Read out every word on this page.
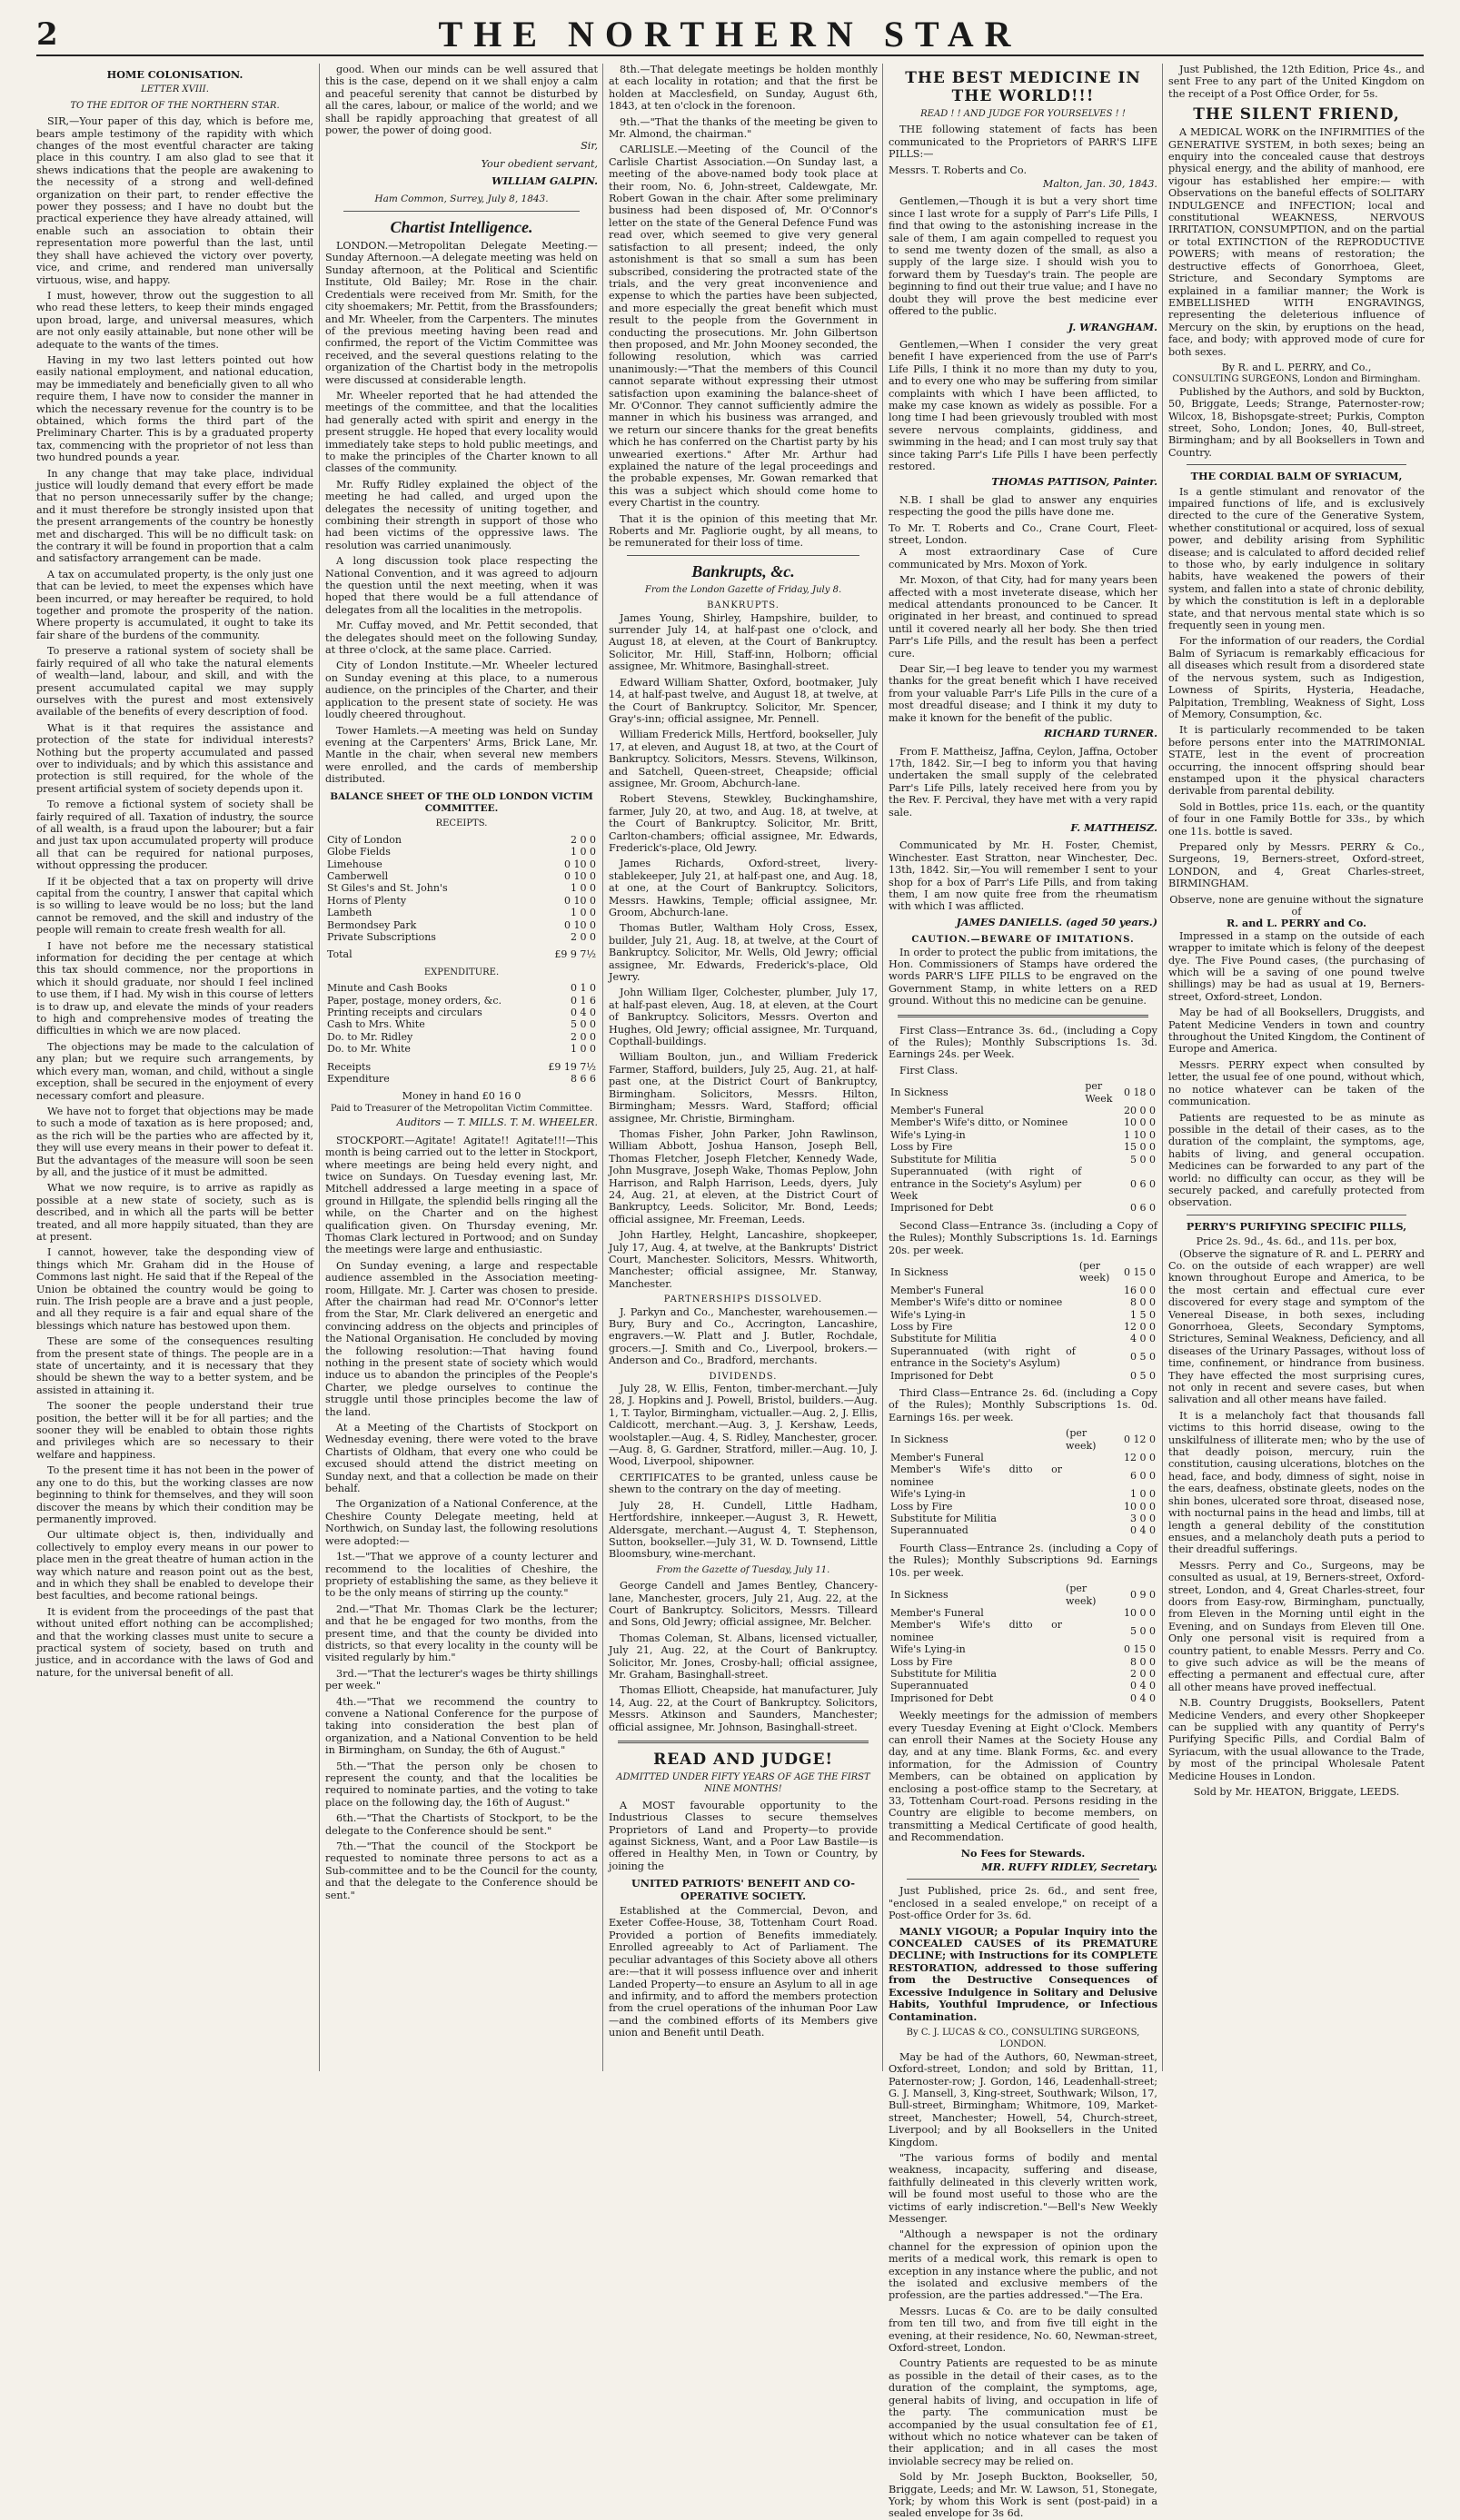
2	THE NORTHERN STAR
HOME COLONISATION.
LETTER XVIII.
TO THE EDITOR OF THE NORTHERN STAR.

SIR,—Your paper of this day, which is before me, bears ample testimony of the rapidity with which changes of the most eventful character are taking place in this country. I am also glad to see that it shews indications that the people are awakening to the necessity of a strong and well-defined organization on their part, to render effective the power they possess; and I have no doubt but the practical experience they have already attained, will enable such an association to obtain their representation more powerful than the last, until they shall have achieved the victory over poverty, vice, and crime, and rendered man universally virtuous, wise, and happy.

I must, however, throw out the suggestion to all who read these letters, to keep their minds engaged upon broad, large, and universal measures, which are not only easily attainable, but none other will be adequate to the wants of the times.

Having in my two last letters pointed out how easily national employment, and national education, may be immediately and beneficially given to all who require them, I have now to consider the manner in which the necessary revenue for the country is to be obtained, which forms the third part of the Preliminary Charter. This is by a graduated property tax, commencing with the proprietor of not less than two hundred pounds a year.

In any change that may take place, individual justice will loudly demand that every effort be made that no person unnecessarily suffer by the change; and it must therefore be strongly insisted upon that the present arrangements of the country be honestly met and discharged. This will be no difficult task: on the contrary it will be found in proportion that a calm and satisfactory arrangement can be made.

A tax on accumulated property, is the only just one that can be levied, to meet the expenses which have been incurred, or may hereafter be required, to hold together and promote the prosperity of the nation. Where property is accumulated, it ought to take its fair share of the burdens of the community.

To preserve a rational system of society shall be fairly required of all who take the natural elements of wealth—land, labour, and skill, and with the present accumulated capital we may supply ourselves with the purest and most extensively available of the benefits of every description of food.

What is it that requires the assistance and protection of the state for individual interests? Nothing but the property accumulated and passed over to individuals; and by which this assistance and protection is still required, for the whole of the present artificial system of society depends upon it.

To remove a fictional system of society shall be fairly required of all. Taxation of industry, the source of all wealth, is a fraud upon the labourer; but a fair and just tax upon accumulated property will produce all that can be required for national purposes, without oppressing the producer.

If it be objected that a tax on property will drive capital from the country, I answer that capital which is so willing to leave would be no loss; but the land cannot be removed, and the skill and industry of the people will remain to create fresh wealth for all.

I have not before me the necessary statistical information for deciding the per centage at which this tax should commence, nor the proportions in which it should graduate, nor should I feel inclined to use them, if I had. My wish in this course of letters is to draw up, and elevate the minds of your readers to high and comprehensive modes of treating the difficulties in which we are now placed.

The objections may be made to the calculation of any plan; but we require such arrangements, by which every man, woman, and child, without a single exception, shall be secured in the enjoyment of every necessary comfort and pleasure.

We have not to forget that objections may be made to such a mode of taxation as is here proposed; and, as the rich will be the parties who are affected by it, they will use every means in their power to defeat it. But the advantages of the measure will soon be seen by all, and the justice of it must be admitted.

What we now require, is to arrive as rapidly as possible at a new state of society, such as is described, and in which all the parts will be better treated, and all more happily situated, than they are at present.

I cannot, however, take the desponding view of things which Mr. Graham did in the House of Commons last night. He said that if the Repeal of the Union be obtained the country would be going to ruin. The Irish people are a brave and a just people, and all they require is a fair and equal share of the blessings which nature has bestowed upon them.

These are some of the consequences resulting from the present state of things. The people are in a state of uncertainty, and it is necessary that they should be shewn the way to a better system, and be assisted in attaining it.

The sooner the people understand their true position, the better will it be for all parties; and the sooner they will be enabled to obtain those rights and privileges which are so necessary to their welfare and happiness.

To the present time it has not been in the power of any one to do this, but the working classes are now beginning to think for themselves, and they will soon discover the means by which their condition may be permanently improved.

Our ultimate object is, then, individually and collectively to employ every means in our power to place men in the great theatre of human action in the way which nature and reason point out as the best, and in which they shall be enabled to develope their best faculties, and become rational beings.

It is evident from the proceedings of the past that without united effort nothing can be accomplished; and that the working classes must unite to secure a practical system of society, based on truth and justice, and in accordance with the laws of God and nature, for the universal benefit of all.

good. When our minds can be well assured that this is the case, depend on it we shall enjoy a calm and peaceful serenity that cannot be disturbed by all the cares, labour, or malice of the world; and we shall be rapidly approaching that greatest of all power, the power of doing good.

Sir,
Your obedient servant,
WILLIAM GALPIN.
Ham Common, Surrey, July 8, 1843.
Chartist Intelligence.

LONDON.—Metropolitan Delegate Meeting.—Sunday Afternoon.—A delegate meeting was held on Sunday afternoon, at the Political and Scientific Institute, Old Bailey; Mr. Rose in the chair. Credentials were received from Mr. Smith, for the city shoemakers; Mr. Pettit, from the Brassfounders; and Mr. Wheeler, from the Carpenters. The minutes of the previous meeting having been read and confirmed, the report of the Victim Committee was received, and the several questions relating to the organization of the Chartist body in the metropolis were discussed at considerable length.

Mr. Wheeler reported that he had attended the meetings of the committee, and that the localities had generally acted with spirit and energy in the present struggle. He hoped that every locality would immediately take steps to hold public meetings, and to make the principles of the Charter known to all classes of the community.

Mr. Ruffy Ridley explained the object of the meeting he had called, and urged upon the delegates the necessity of uniting together, and combining their strength in support of those who had been victims of the oppressive laws. The resolution was carried unanimously.

A long discussion took place respecting the National Convention, and it was agreed to adjourn the question until the next meeting, when it was hoped that there would be a full attendance of delegates from all the localities in the metropolis.

Mr. Cuffay moved, and Mr. Pettit seconded, that the delegates should meet on the following Sunday, at three o'clock, at the same place. Carried.

City of London Institute.—Mr. Wheeler lectured on Sunday evening at this place, to a numerous audience, on the principles of the Charter, and their application to the present state of society. He was loudly cheered throughout.

Tower Hamlets.—A meeting was held on Sunday evening at the Carpenters' Arms, Brick Lane, Mr. Mantle in the chair, when several new members were enrolled, and the cards of membership distributed.

BALANCE SHEET OF THE OLD LONDON VICTIM COMMITTEE.
RECEIPTS.
City of London	2 0 0
Globe Fields	1 0 0
Limehouse	0 10 0
Camberwell	0 10 0
St Giles's and St. John's	1 0 0
Horns of Plenty	0 10 0
Lambeth	1 0 0
Bermondsey Park	0 10 0
Private Subscriptions	2 0 0
Total	£9 9 7½
EXPENDITURE.
Minute and Cash Books	0 1 0
Paper, postage, money orders, &c.	0 1 6
Printing receipts and circulars	0 4 0
Cash to Mrs. White	5 0 0
Do. to Mr. Ridley	2 0 0
Do. to Mr. White	1 0 0
Receipts	£9 19 7½
Expenditure	8 6 6
Money in hand £0 16 0
Paid to Treasurer of the Metropolitan Victim Committee.
Auditors — T. MILLS. T. M. WHEELER.

STOCKPORT.—Agitate! Agitate!! Agitate!!!—This month is being carried out to the letter in Stockport, where meetings are being held every night, and twice on Sundays. On Tuesday evening last, Mr. Mitchell addressed a large meeting in a space of ground in Hillgate, the splendid bells ringing all the while, on the Charter and on the highest qualification given. On Thursday evening, Mr. Thomas Clark lectured in Portwood; and on Sunday the meetings were large and enthusiastic.

On Sunday evening, a large and respectable audience assembled in the Association meeting-room, Hillgate. Mr. J. Carter was chosen to preside. After the chairman had read Mr. O'Connor's letter from the Star, Mr. Clark delivered an energetic and convincing address on the objects and principles of the National Organisation. He concluded by moving the following resolution:—That having found nothing in the present state of society which would induce us to abandon the principles of the People's Charter, we pledge ourselves to continue the struggle until those principles become the law of the land.

At a Meeting of the Chartists of Stockport on Wednesday evening, there were voted to the brave Chartists of Oldham, that every one who could be excused should attend the district meeting on Sunday next, and that a collection be made on their behalf.

The Organization of a National Conference, at the Cheshire County Delegate meeting, held at Northwich, on Sunday last, the following resolutions were adopted:—

1st.—"That we approve of a county lecturer and recommend to the localities of Cheshire, the propriety of establishing the same, as they believe it to be the only means of stirring up the county."

2nd.—"That Mr. Thomas Clark be the lecturer; and that he be engaged for two months, from the present time, and that the county be divided into districts, so that every locality in the county will be visited regularly by him."

3rd.—"That the lecturer's wages be thirty shillings per week."

4th.—"That we recommend the country to convene a National Conference for the purpose of taking into consideration the best plan of organization, and a National Convention to be held in Birmingham, on Sunday, the 6th of August."

5th.—"That the person only be chosen to represent the county, and that the localities be required to nominate parties, and the voting to take place on the following day, the 16th of August."

6th.—"That the Chartists of Stockport, to be the delegate to the Conference should be sent."

7th.—"That the council of the Stockport be requested to nominate three persons to act as a Sub-committee and to be the Council for the county, and that the delegate to the Conference should be sent."

8th.—That delegate meetings be holden monthly at each locality in rotation; and that the first be holden at Macclesfield, on Sunday, August 6th, 1843, at ten o'clock in the forenoon.

9th.—"That the thanks of the meeting be given to Mr. Almond, the chairman."

CARLISLE.—Meeting of the Council of the Carlisle Chartist Association.—On Sunday last, a meeting of the above-named body took place at their room, No. 6, John-street, Caldewgate, Mr. Robert Gowan in the chair. After some preliminary business had been disposed of, Mr. O'Connor's letter on the state of the General Defence Fund was read over, which seemed to give very general satisfaction to all present; indeed, the only astonishment is that so small a sum has been subscribed, considering the protracted state of the trials, and the very great inconvenience and expense to which the parties have been subjected, and more especially the great benefit which must result to the people from the Government in conducting the prosecutions. Mr. John Gilbertson then proposed, and Mr. John Mooney seconded, the following resolution, which was carried unanimously:—"That the members of this Council cannot separate without expressing their utmost satisfaction upon examining the balance-sheet of Mr. O'Connor. They cannot sufficiently admire the manner in which his business was arranged, and we return our sincere thanks for the great benefits which he has conferred on the Chartist party by his unwearied exertions." After Mr. Arthur had explained the nature of the legal proceedings and the probable expenses, Mr. Gowan remarked that this was a subject which should come home to every Chartist in the country.

That it is the opinion of this meeting that Mr. Roberts and Mr. Pagliorie ought, by all means, to be remunerated for their loss of time.

Bankrupts, &c.
From the London Gazette of Friday, July 8.
BANKRUPTS.

James Young, Shirley, Hampshire, builder, to surrender July 14, at half-past one o'clock, and August 18, at eleven, at the Court of Bankruptcy. Solicitor, Mr. Hill, Staff-inn, Holborn; official assignee, Mr. Whitmore, Basinghall-street.

Edward William Shatter, Oxford, bootmaker, July 14, at half-past twelve, and August 18, at twelve, at the Court of Bankruptcy. Solicitor, Mr. Spencer, Gray's-inn; official assignee, Mr. Pennell.

William Frederick Mills, Hertford, bookseller, July 17, at eleven, and August 18, at two, at the Court of Bankruptcy. Solicitors, Messrs. Stevens, Wilkinson, and Satchell, Queen-street, Cheapside; official assignee, Mr. Groom, Abchurch-lane.

Robert Stevens, Stewkley, Buckinghamshire, farmer, July 20, at two, and Aug. 18, at twelve, at the Court of Bankruptcy. Solicitor, Mr. Britt, Carlton-chambers; official assignee, Mr. Edwards, Frederick's-place, Old Jewry.

James Richards, Oxford-street, livery-stablekeeper, July 21, at half-past one, and Aug. 18, at one, at the Court of Bankruptcy. Solicitors, Messrs. Hawkins, Temple; official assignee, Mr. Groom, Abchurch-lane.

Thomas Butler, Waltham Holy Cross, Essex, builder, July 21, Aug. 18, at twelve, at the Court of Bankruptcy. Solicitor, Mr. Wells, Old Jewry; official assignee, Mr. Edwards, Frederick's-place, Old Jewry.

John William Ilger, Colchester, plumber, July 17, at half-past eleven, Aug. 18, at eleven, at the Court of Bankruptcy. Solicitors, Messrs. Overton and Hughes, Old Jewry; official assignee, Mr. Turquand, Copthall-buildings.

William Boulton, jun., and William Frederick Farmer, Stafford, builders, July 25, Aug. 21, at half-past one, at the District Court of Bankruptcy, Birmingham. Solicitors, Messrs. Hilton, Birmingham; Messrs. Ward, Stafford; official assignee, Mr. Christie, Birmingham.

Thomas Fisher, John Parker, John Rawlinson, William Abbott, Joshua Hanson, Joseph Bell, Thomas Fletcher, Joseph Fletcher, Kennedy Wade, John Musgrave, Joseph Wake, Thomas Peplow, John Harrison, and Ralph Harrison, Leeds, dyers, July 24, Aug. 21, at eleven, at the District Court of Bankruptcy, Leeds. Solicitor, Mr. Bond, Leeds; official assignee, Mr. Freeman, Leeds.

John Hartley, Helght, Lancashire, shopkeeper, July 17, Aug. 4, at twelve, at the Bankrupts' District Court, Manchester. Solicitors, Messrs. Whitworth, Manchester; official assignee, Mr. Stanway, Manchester.

PARTNERSHIPS DISSOLVED.

J. Parkyn and Co., Manchester, warehousemen.—Bury, Bury and Co., Accrington, Lancashire, engravers.—W. Platt and J. Butler, Rochdale, grocers.—J. Smith and Co., Liverpool, brokers.—Anderson and Co., Bradford, merchants.

DIVIDENDS.

July 28, W. Ellis, Fenton, timber-merchant.—July 28, J. Hopkins and J. Powell, Bristol, builders.—Aug. 1, T. Taylor, Birmingham, victualler.—Aug. 2, J. Ellis, Caldicott, merchant.—Aug. 3, J. Kershaw, Leeds, woolstapler.—Aug. 4, S. Ridley, Manchester, grocer.—Aug. 8, G. Gardner, Stratford, miller.—Aug. 10, J. Wood, Liverpool, shipowner.

CERTIFICATES to be granted, unless cause be shewn to the contrary on the day of meeting.

July 28, H. Cundell, Little Hadham, Hertfordshire, innkeeper.—August 3, R. Hewett, Aldersgate, merchant.—August 4, T. Stephenson, Sutton, bookseller.—July 31, W. D. Townsend, Little Bloomsbury, wine-merchant.

From the Gazette of Tuesday, July 11.

George Candell and James Bentley, Chancery-lane, Manchester, grocers, July 21, Aug. 22, at the Court of Bankruptcy. Solicitors, Messrs. Tilleard and Sons, Old Jewry; official assignee, Mr. Belcher.

Thomas Coleman, St. Albans, licensed victualler, July 21, Aug. 22, at the Court of Bankruptcy. Solicitor, Mr. Jones, Crosby-hall; official assignee, Mr. Graham, Basinghall-street.

Thomas Elliott, Cheapside, hat manufacturer, July 14, Aug. 22, at the Court of Bankruptcy. Solicitors, Messrs. Atkinson and Saunders, Manchester; official assignee, Mr. Johnson, Basinghall-street.

READ AND JUDGE!
ADMITTED UNDER FIFTY YEARS OF AGE THE FIRST NINE MONTHS!

A MOST favourable opportunity to the Industrious Classes to secure themselves Proprietors of Land and Property—to provide against Sickness, Want, and a Poor Law Bastile—is offered in Healthy Men, in Town or Country, by joining the

UNITED PATRIOTS' BENEFIT AND CO-OPERATIVE SOCIETY.

Established at the Commercial, Devon, and Exeter Coffee-House, 38, Tottenham Court Road. Provided a portion of Benefits immediately. Enrolled agreeably to Act of Parliament. The peculiar advantages of this Society above all others are:—that it will possess influence over and inherit Landed Property—to ensure an Asylum to all in age and infirmity, and to afford the members protection from the cruel operations of the inhuman Poor Law—and the combined efforts of its Members give union and Benefit until Death.

THE BEST MEDICINE IN THE WORLD!!!
READ ! ! AND JUDGE FOR YOURSELVES ! !

THE following statement of facts has been communicated to the Proprietors of PARR'S LIFE PILLS:—

Messrs. T. Roberts and Co.
Malton, Jan. 30, 1843.

Gentlemen,—Though it is but a very short time since I last wrote for a supply of Parr's Life Pills, I find that owing to the astonishing increase in the sale of them, I am again compelled to request you to send me twenty dozen of the small, as also a supply of the large size. I should wish you to forward them by Tuesday's train. The people are beginning to find out their true value; and I have no doubt they will prove the best medicine ever offered to the public.

J. WRANGHAM.

Gentlemen,—When I consider the very great benefit I have experienced from the use of Parr's Life Pills, I think it no more than my duty to you, and to every one who may be suffering from similar complaints with which I have been afflicted, to make my case known as widely as possible. For a long time I had been grievously troubled with most severe nervous complaints, giddiness, and swimming in the head; and I can most truly say that since taking Parr's Life Pills I have been perfectly restored.

THOMAS PATTISON, Painter.

N.B. I shall be glad to answer any enquiries respecting the good the pills have done me.

To Mr. T. Roberts and Co., Crane Court, Fleet-street, London.

A most extraordinary Case of Cure communicated by Mrs. Moxon of York.

Mr. Moxon, of that City, had for many years been affected with a most inveterate disease, which her medical attendants pronounced to be Cancer. It originated in her breast, and continued to spread until it covered nearly all her body. She then tried Parr's Life Pills, and the result has been a perfect cure.

Dear Sir,—I beg leave to tender you my warmest thanks for the great benefit which I have received from your valuable Parr's Life Pills in the cure of a most dreadful disease; and I think it my duty to make it known for the benefit of the public.

RICHARD TURNER.

From F. Mattheisz, Jaffna, Ceylon, Jaffna, October 17th, 1842. Sir,—I beg to inform you that having undertaken the small supply of the celebrated Parr's Life Pills, lately received here from you by the Rev. F. Percival, they have met with a very rapid sale.

F. MATTHEISZ.

Communicated by Mr. H. Foster, Chemist, Winchester. East Stratton, near Winchester, Dec. 13th, 1842. Sir,—You will remember I sent to your shop for a box of Parr's Life Pills, and from taking them, I am now quite free from the rheumatism with which I was afflicted.

JAMES DANIELLS. (aged 50 years.)
CAUTION.—BEWARE OF IMITATIONS.

In order to protect the public from imitations, the Hon. Commissioners of Stamps have ordered the words PARR'S LIFE PILLS to be engraved on the Government Stamp, in white letters on a RED ground. Without this no medicine can be genuine.

First Class—Entrance 3s. 6d., (including a Copy of the Rules); Monthly Subscriptions 1s. 3d. Earnings 24s. per Week.

First Class.

In Sickness	per Week	0 18 0
Member's Funeral		20 0 0
Member's Wife's ditto, or Nominee		10 0 0
Wife's Lying-in		1 10 0
Loss by Fire		15 0 0
Substitute for Militia		5 0 0
Superannuated (with right of entrance in the Society's Asylum) per Week		0 6 0
Imprisoned for Debt		0 6 0

Second Class—Entrance 3s. (including a Copy of the Rules); Monthly Subscriptions 1s. 1d. Earnings 20s. per week.

In Sickness	(per week)	0 15 0
Member's Funeral		16 0 0
Member's Wife's ditto or nominee		8 0 0
Wife's Lying-in		1 5 0
Loss by Fire		12 0 0
Substitute for Militia		4 0 0
Superannuated (with right of entrance in the Society's Asylum)		0 5 0
Imprisoned for Debt		0 5 0

Third Class—Entrance 2s. 6d. (including a Copy of the Rules); Monthly Subscriptions 1s. 0d. Earnings 16s. per week.

In Sickness	(per week)	0 12 0
Member's Funeral		12 0 0
Member's Wife's ditto or nominee		6 0 0
Wife's Lying-in		1 0 0
Loss by Fire		10 0 0
Substitute for Militia		3 0 0
Superannuated		0 4 0

Fourth Class—Entrance 2s. (including a Copy of the Rules); Monthly Subscriptions 9d. Earnings 10s. per week.

In Sickness	(per week)	0 9 0
Member's Funeral		10 0 0
Member's Wife's ditto or nominee		5 0 0
Wife's Lying-in		0 15 0
Loss by Fire		8 0 0
Substitute for Militia		2 0 0
Superannuated		0 4 0
Imprisoned for Debt		0 4 0

Weekly meetings for the admission of members every Tuesday Evening at Eight o'Clock. Members can enroll their Names at the Society House any day, and at any time. Blank Forms, &c. and every information, for the Admission of Country Members, can be obtained on application by enclosing a post-office stamp to the Secretary, at 33, Tottenham Court-road. Persons residing in the Country are eligible to become members, on transmitting a Medical Certificate of good health, and Recommendation.

No Fees for Stewards.
MR. RUFFY RIDLEY, Secretary.

Just Published, price 2s. 6d., and sent free, "enclosed in a sealed envelope," on receipt of a Post-office Order for 3s. 6d.

MANLY VIGOUR; a Popular Inquiry into the CONCEALED CAUSES of its PREMATURE DECLINE; with Instructions for its COMPLETE RESTORATION, addressed to those suffering from the Destructive Consequences of Excessive Indulgence in Solitary and Delusive Habits, Youthful Imprudence, or Infectious Contamination.

By C. J. LUCAS & CO., CONSULTING SURGEONS, LONDON.

May be had of the Authors, 60, Newman-street, Oxford-street, London; and sold by Brittan, 11, Paternoster-row; J. Gordon, 146, Leadenhall-street; G. J. Mansell, 3, King-street, Southwark; Wilson, 17, Bull-street, Birmingham; Whitmore, 109, Market-street, Manchester; Howell, 54, Church-street, Liverpool; and by all Booksellers in the United Kingdom.

"The various forms of bodily and mental weakness, incapacity, suffering and disease, faithfully delineated in this cleverly written work, will be found most useful to those who are the victims of early indiscretion."—Bell's New Weekly Messenger.

"Although a newspaper is not the ordinary channel for the expression of opinion upon the merits of a medical work, this remark is open to exception in any instance where the public, and not the isolated and exclusive members of the profession, are the parties addressed."—The Era.

Messrs. Lucas & Co. are to be daily consulted from ten till two, and from five till eight in the evening, at their residence, No. 60, Newman-street, Oxford-street, London.

Country Patients are requested to be as minute as possible in the detail of their cases, as to the duration of the complaint, the symptoms, age, general habits of living, and occupation in life of the party. The communication must be accompanied by the usual consultation fee of £1, without which no notice whatever can be taken of their application; and in all cases the most inviolable secrecy may be relied on.

Sold by Mr. Joseph Buckton, Bookseller, 50, Briggate, Leeds; and Mr. W. Lawson, 51, Stonegate, York; by whom this Work is sent (post-paid) in a sealed envelope for 3s 6d.

Just Published, the 12th Edition, Price 4s., and sent Free to any part of the United Kingdom on the receipt of a Post Office Order, for 5s.

THE SILENT FRIEND,

A MEDICAL WORK on the INFIRMITIES of the GENERATIVE SYSTEM, in both sexes; being an enquiry into the concealed cause that destroys physical energy, and the ability of manhood, ere vigour has established her empire:— with Observations on the baneful effects of SOLITARY INDULGENCE and INFECTION; local and constitutional WEAKNESS, NERVOUS IRRITATION, CONSUMPTION, and on the partial or total EXTINCTION of the REPRODUCTIVE POWERS; with means of restoration; the destructive effects of Gonorrhoea, Gleet, Stricture, and Secondary Symptoms are explained in a familiar manner; the Work is EMBELLISHED WITH ENGRAVINGS, representing the deleterious influence of Mercury on the skin, by eruptions on the head, face, and body; with approved mode of cure for both sexes.

By R. and L. PERRY, and Co.,
CONSULTING SURGEONS, London and Birmingham.

Published by the Authors, and sold by Buckton, 50, Briggate, Leeds; Strange, Paternoster-row; Wilcox, 18, Bishopsgate-street; Purkis, Compton street, Soho, London; Jones, 40, Bull-street, Birmingham; and by all Booksellers in Town and Country.

THE CORDIAL BALM OF SYRIACUM,

Is a gentle stimulant and renovator of the impaired functions of life, and is exclusively directed to the cure of the Generative System, whether constitutional or acquired, loss of sexual power, and debility arising from Syphilitic disease; and is calculated to afford decided relief to those who, by early indulgence in solitary habits, have weakened the powers of their system, and fallen into a state of chronic debility, by which the constitution is left in a deplorable state, and that nervous mental state which is so frequently seen in young men.

For the information of our readers, the Cordial Balm of Syriacum is remarkably efficacious for all diseases which result from a disordered state of the nervous system, such as Indigestion, Lowness of Spirits, Hysteria, Headache, Palpitation, Trembling, Weakness of Sight, Loss of Memory, Consumption, &c.

It is particularly recommended to be taken before persons enter into the MATRIMONIAL STATE, lest in the event of procreation occurring, the innocent offspring should bear enstamped upon it the physical characters derivable from parental debility.

Sold in Bottles, price 11s. each, or the quantity of four in one Family Bottle for 33s., by which one 11s. bottle is saved.

Prepared only by Messrs. PERRY & Co., Surgeons, 19, Berners-street, Oxford-street, LONDON, and 4, Great Charles-street, BIRMINGHAM.

Observe, none are genuine without the signature of
R. and L. PERRY and Co.

Impressed in a stamp on the outside of each wrapper to imitate which is felony of the deepest dye. The Five Pound cases, (the purchasing of which will be a saving of one pound twelve shillings) may be had as usual at 19, Berners-street, Oxford-street, London.

May be had of all Booksellers, Druggists, and Patent Medicine Venders in town and country throughout the United Kingdom, the Continent of Europe and America.

Messrs. PERRY expect when consulted by letter, the usual fee of one pound, without which, no notice whatever can be taken of the communication.

Patients are requested to be as minute as possible in the detail of their cases, as to the duration of the complaint, the symptoms, age, habits of living, and general occupation. Medicines can be forwarded to any part of the world: no difficulty can occur, as they will be securely packed, and carefully protected from observation.

PERRY'S PURIFYING SPECIFIC PILLS,
Price 2s. 9d., 4s. 6d., and 11s. per box,

(Observe the signature of R. and L. PERRY and Co. on the outside of each wrapper) are well known throughout Europe and America, to be the most certain and effectual cure ever discovered for every stage and symptom of the Venereal Disease, in both sexes, including Gonorrhoea, Gleets, Secondary Symptoms, Strictures, Seminal Weakness, Deficiency, and all diseases of the Urinary Passages, without loss of time, confinement, or hindrance from business. They have effected the most surprising cures, not only in recent and severe cases, but when salivation and all other means have failed.

It is a melancholy fact that thousands fall victims to this horrid disease, owing to the unskilfulness of illiterate men; who by the use of that deadly poison, mercury, ruin the constitution, causing ulcerations, blotches on the head, face, and body, dimness of sight, noise in the ears, deafness, obstinate gleets, nodes on the shin bones, ulcerated sore throat, diseased nose, with nocturnal pains in the head and limbs, till at length a general debility of the constitution ensues, and a melancholy death puts a period to their dreadful sufferings.

Messrs. Perry and Co., Surgeons, may be consulted as usual, at 19, Berners-street, Oxford-street, London, and 4, Great Charles-street, four doors from Easy-row, Birmingham, punctually, from Eleven in the Morning until eight in the Evening, and on Sundays from Eleven till One. Only one personal visit is required from a country patient, to enable Messrs. Perry and Co. to give such advice as will be the means of effecting a permanent and effectual cure, after all other means have proved ineffectual.

N.B. Country Druggists, Booksellers, Patent Medicine Venders, and every other Shopkeeper can be supplied with any quantity of Perry's Purifying Specific Pills, and Cordial Balm of Syriacum, with the usual allowance to the Trade, by most of the principal Wholesale Patent Medicine Houses in London.

Sold by Mr. HEATON, Briggate, LEEDS.
